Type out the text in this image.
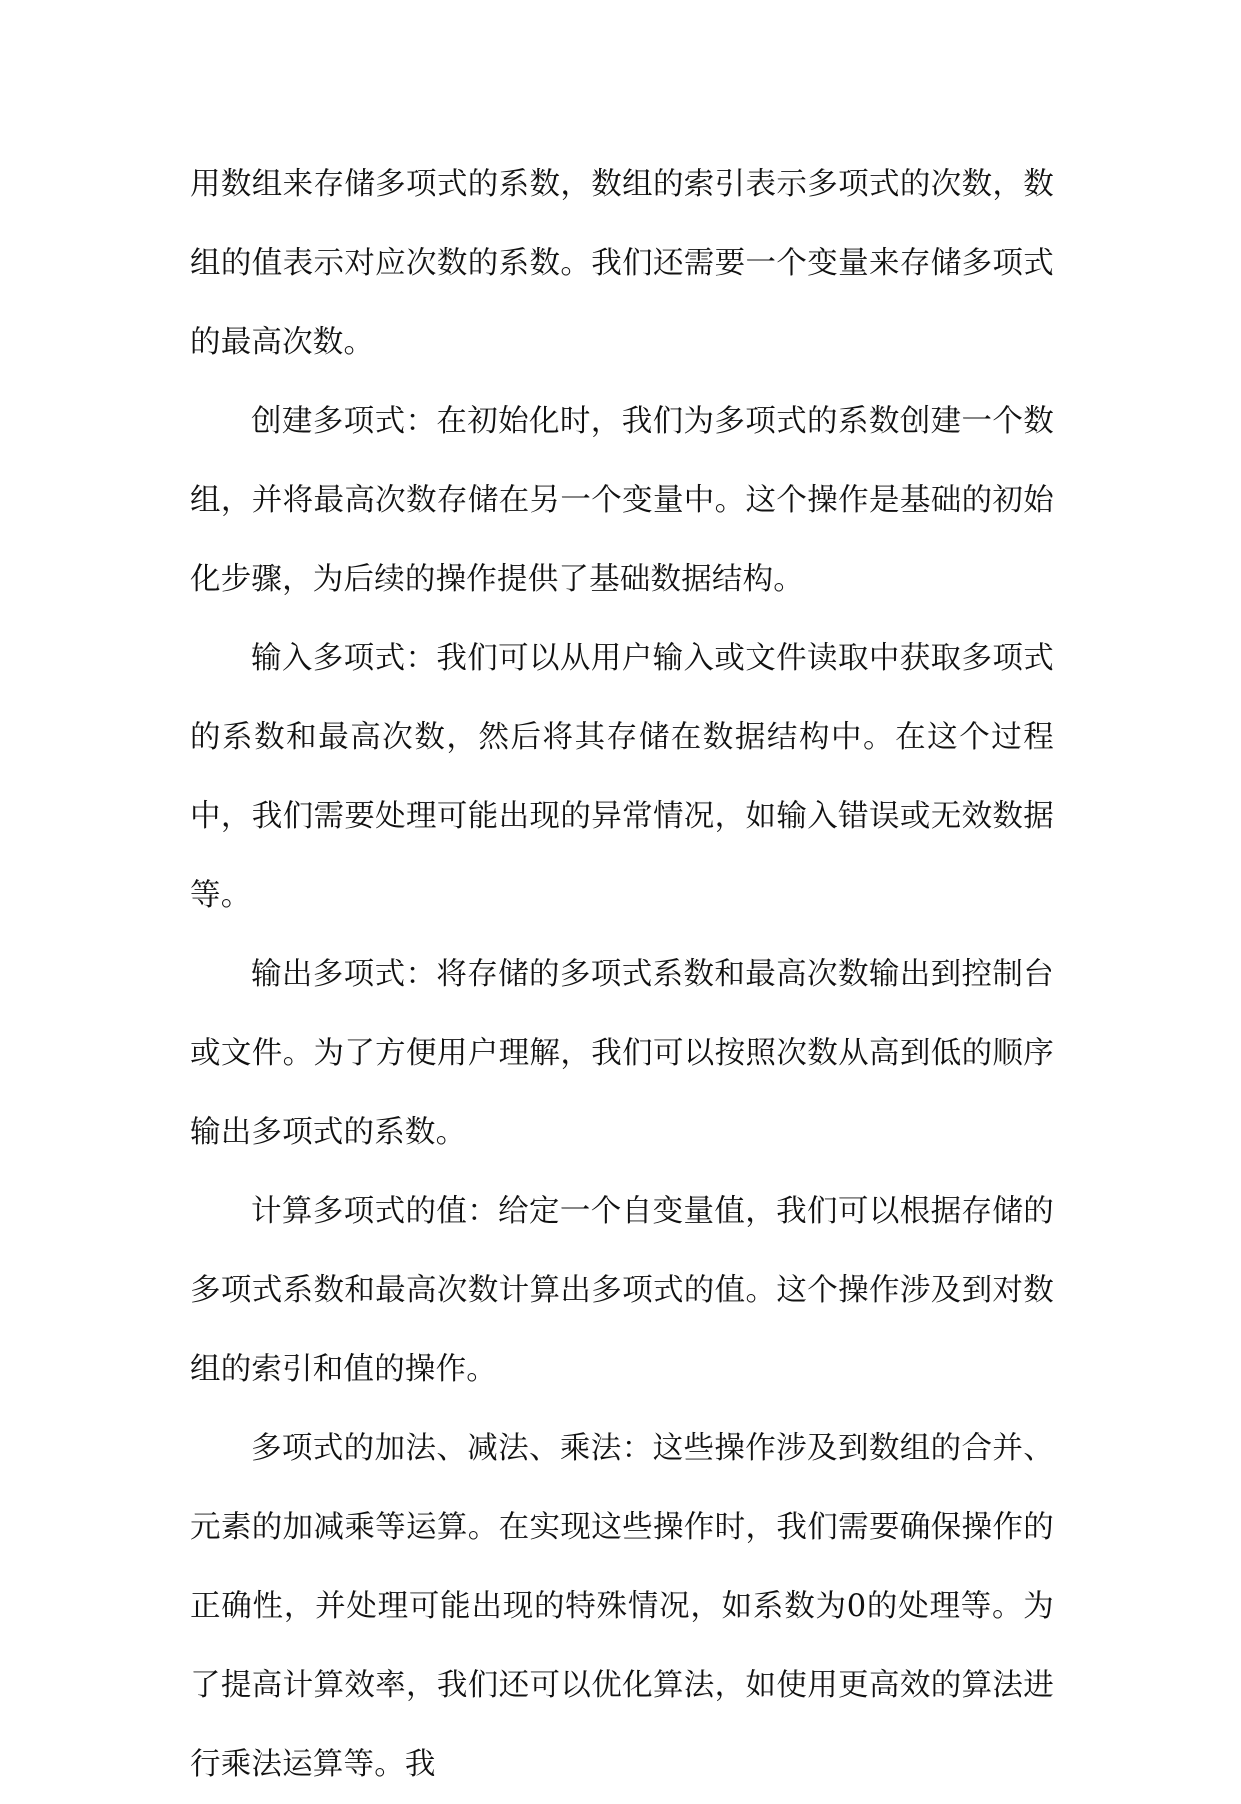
用数组来存储多项式的系数，数组的索引表示多项式的次数，数组的值表示对应次数的系数。我们还需要一个变量来存储多项式的最高次数。

创建多项式：在初始化时，我们为多项式的系数创建一个数组，并将最高次数存储在另一个变量中。这个操作是基础的初始化步骤，为后续的操作提供了基础数据结构。

输入多项式：我们可以从用户输入或文件读取中获取多项式的系数和最高次数，然后将其存储在数据结构中。在这个过程中，我们需要处理可能出现的异常情况，如输入错误或无效数据等。

输出多项式：将存储的多项式系数和最高次数输出到控制台或文件。为了方便用户理解，我们可以按照次数从高到低的顺序输出多项式的系数。

计算多项式的值：给定一个自变量值，我们可以根据存储的多项式系数和最高次数计算出多项式的值。这个操作涉及到对数组的索引和值的操作。

多项式的加法、减法、乘法：这些操作涉及到数组的合并、元素的加减乘等运算。在实现这些操作时，我们需要确保操作的正确性，并处理可能出现的特殊情况，如系数为0的处理等。为了提高计算效率，我们还可以优化算法，如使用更高效的算法进行乘法运算等。我
